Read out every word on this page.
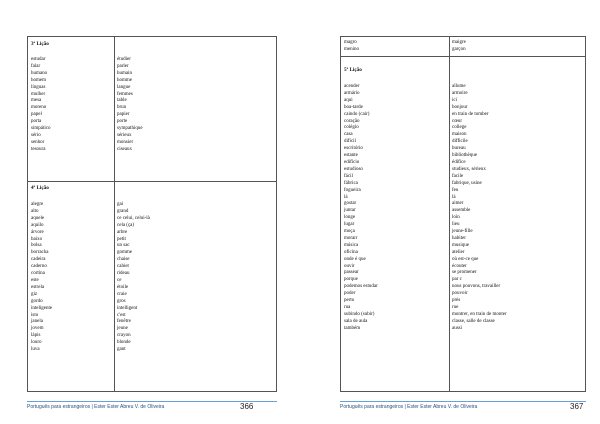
3ª Lição
estudar
falar
humano
homem
línguas
mulher
mesa
moreno
papel
porta
simpático
sério
senhor
tesoura
étudier
parler
humain
homme
langue
femmes
table
brun
papier
porte
sympathique
sérieux
monsier
ciseaux
4ª Lição
alegre
alto
aquele
aquilo
árvore
baixo
bolsa
borracha
cadeira
caderno
cortina
este
estrela
giz
gordo
inteligente
isto
janela
jovem
lápis
louro
luva
gai
grand
ce celui, celui-là
cela (ça)
arbre
petit
un sac
gomme
chaise
cahier
rideau
ce
étoile
craie
gros
intelligent
c'est
fenêtre
jeune
crayon
blonde
gant
Português para estrangeiros | Ester Ester Abreu V. de Oliveira	366
magro
menino
maigre
garçon
5ª Lição
acender
armário
aqui
boa-tarde
caindo (cair)
coração
colégio
casa
difícil
escritório
estante
edifício
estudioso
fácil
fábrica
fogueira
lá
gostar
juntar
longe
lugar
moça
morarr
música
oficina
onde é que
ouvir
passear
porque
podemos estudar
poder
perto
rua
subindo (subir)
sala de aula
também
allume
armoire
ici
bonjour
en train de tomber
cœur
college
maison
difficile
bureau
bibliothèque
édifice
studieux, sérieux
facile
fabrique, usine
feu
là
aimer
assemble
loin
lieu
jeune-fille
habiter
musique
atelier
où est-ce que
écouter
se promener
par c
nous pouvons, travailler
pouvoir
près
rue
montrer, en train de monter
classe, salle de classe
aussi
Português para estrangeiros | Ester Ester Abreu V. de Oliveira	367
